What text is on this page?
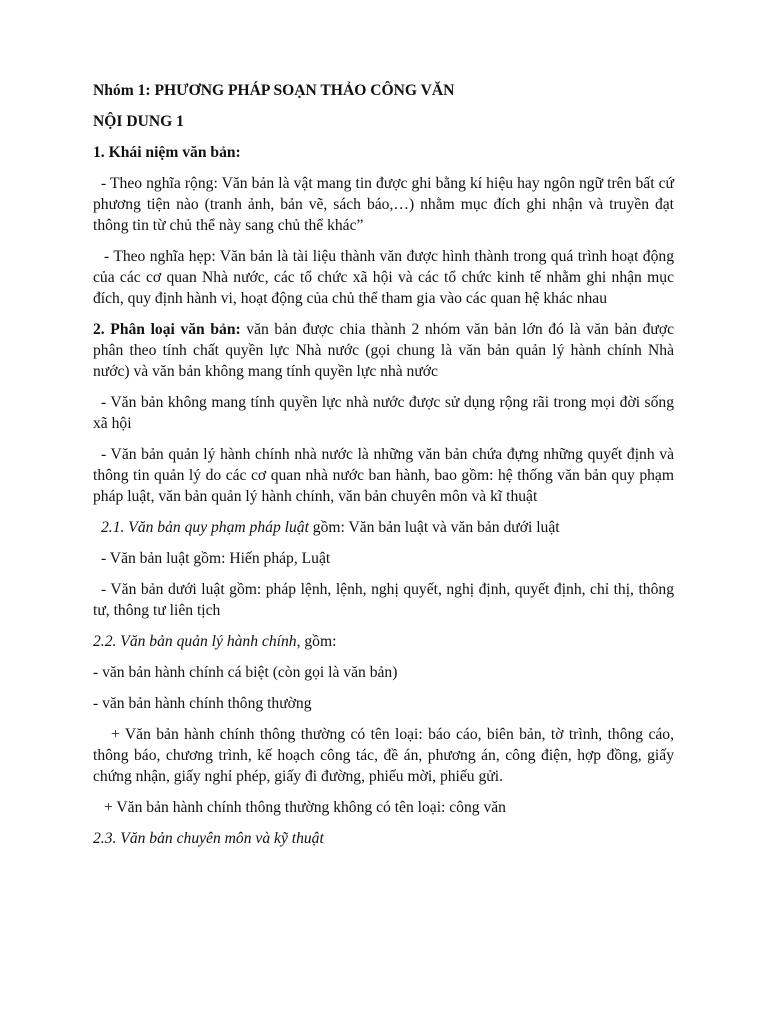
Nhóm 1: PHƯƠNG PHÁP SOẠN THẢO CÔNG VĂN

NỘI DUNG 1

1. Khái niệm văn bản:

- Theo nghĩa rộng: Văn bản là vật mang tin được ghi bằng kí hiệu hay ngôn ngữ trên bất cứ phương tiện nào (tranh ảnh, bản vẽ, sách báo,…) nhằm mục đích ghi nhận và truyền đạt thông tin từ chủ thể này sang chủ thể khác”

- Theo nghĩa hẹp: Văn bản là tài liệu thành văn được hình thành trong quá trình hoạt động của các cơ quan Nhà nước, các tổ chức xã hội và các tổ chức kinh tế nhằm ghi nhận mục đích, quy định hành vi, hoạt động của chủ thể tham gia vào các quan hệ khác nhau

2. Phân loại văn bản: văn bản được chia thành 2 nhóm văn bản lớn đó là văn bản được phân theo tính chất quyền lực Nhà nước (gọi chung là văn bản quản lý hành chính Nhà nước) và văn bản không mang tính quyền lực nhà nước

- Văn bản không mang tính quyền lực nhà nước được sử dụng rộng rãi trong mọi đời sống xã hội

- Văn bản quản lý hành chính nhà nước là những văn bản chứa đựng những quyết định và thông tin quản lý do các cơ quan nhà nước ban hành, bao gồm: hệ thống văn bản quy phạm pháp luật, văn bản quản lý hành chính, văn bản chuyên môn và kĩ thuật

2.1. Văn bản quy phạm pháp luật gồm: Văn bản luật và văn bản dưới luật

- Văn bản luật gồm: Hiến pháp, Luật

- Văn bản dưới luật gồm: pháp lệnh, lệnh, nghị quyết, nghị định, quyết định, chỉ thị, thông tư, thông tư liên tịch

2.2. Văn bản quản lý hành chính, gồm:

- văn bản hành chính cá biệt (còn gọi là văn bản)

- văn bản hành chính thông thường

+ Văn bản hành chính thông thường có tên loại: báo cáo, biên bản, tờ trình, thông cáo, thông báo, chương trình, kế hoạch công tác, đề án, phương án, công điện, hợp đồng, giấy chứng nhận, giấy nghỉ phép, giấy đi đường, phiếu mời, phiếu gửi.

+ Văn bản hành chính thông thường không có tên loại: công văn

2.3. Văn bản chuyên môn và kỹ thuật
